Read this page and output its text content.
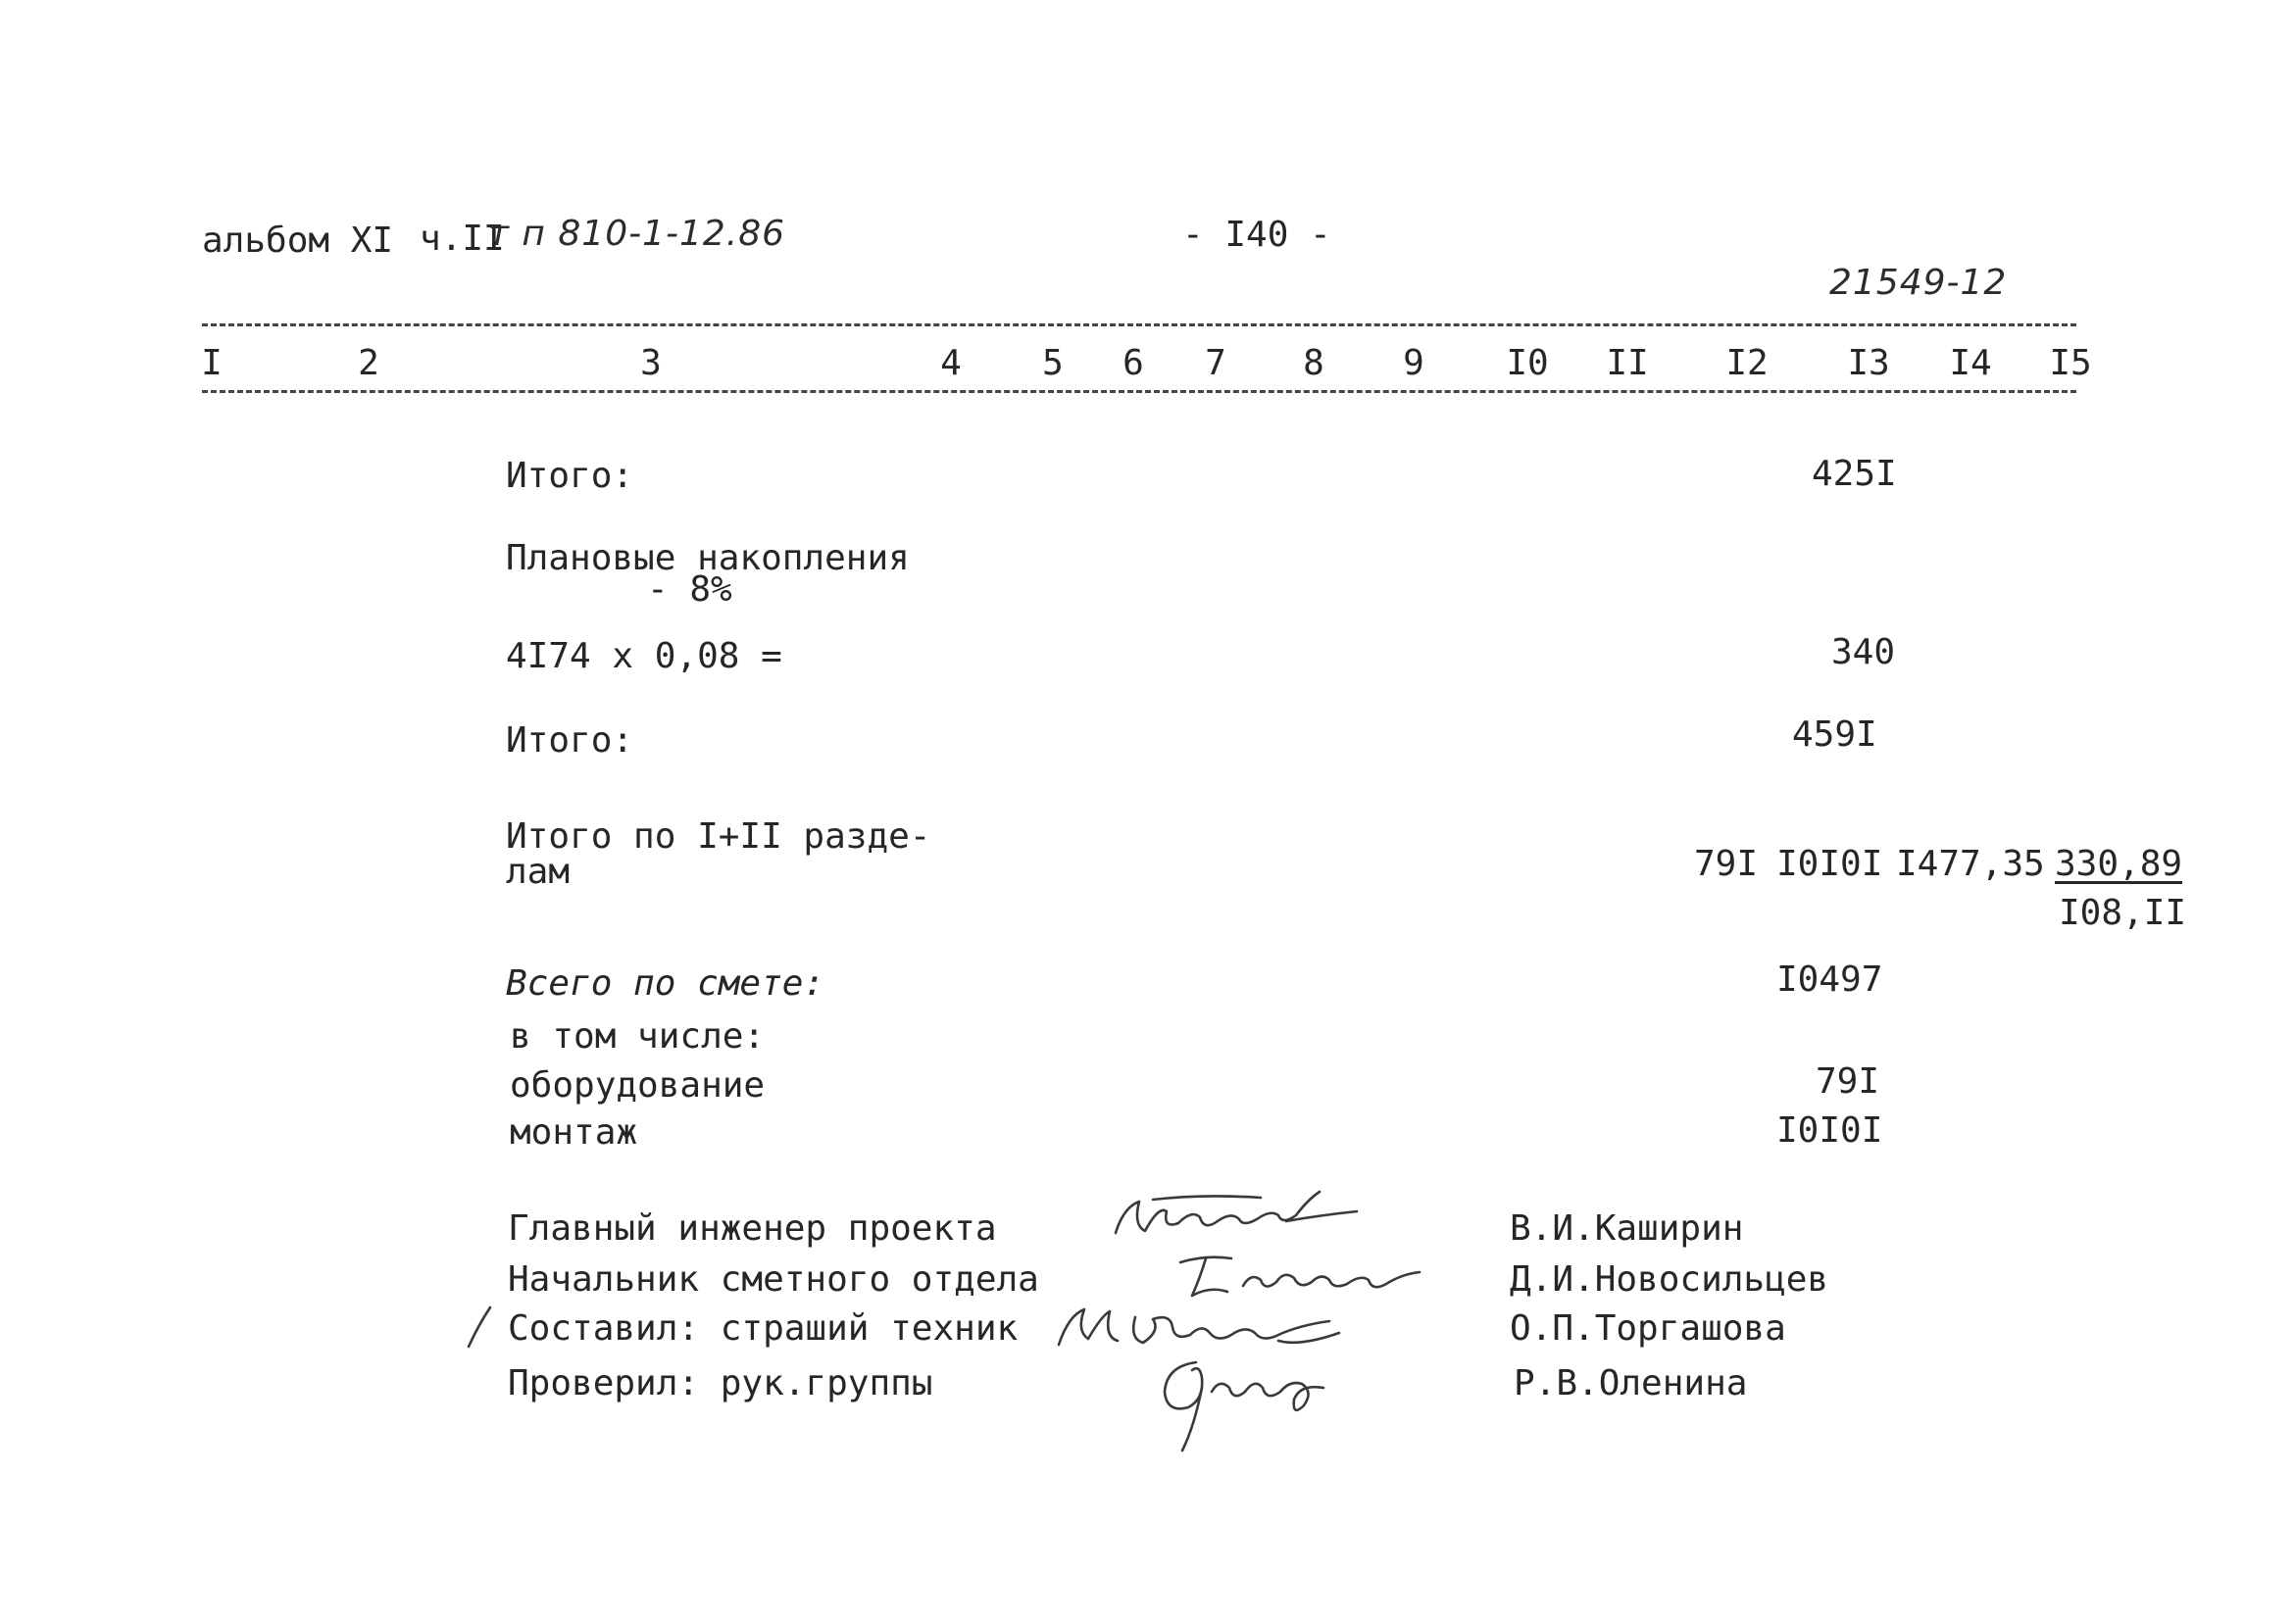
альбом XI ч.II
т п 810-1-12.86	- I40 -
21549-12
I	2	3	4 5 6 7 8 9 I0 II I2 I3 I4 I5
Итого:	425I
Плановые накопления
- 8%
4I74 x 0,08 =	340
Итого:	459I
Итого по I+II разде-
лам	79I I0I0I I477,35 330,89
I08,II
Всего по смете:	I0497
в том числе:
оборудование	79I
монтаж	I0I0I
Главный инженер проекта	В.И.Каширин
Начальник сметного отдела	Д.И.Новосильцев
Составил: страший техник	О.П.Торгашова
Проверил: рук.группы	Р.В.Оленина
